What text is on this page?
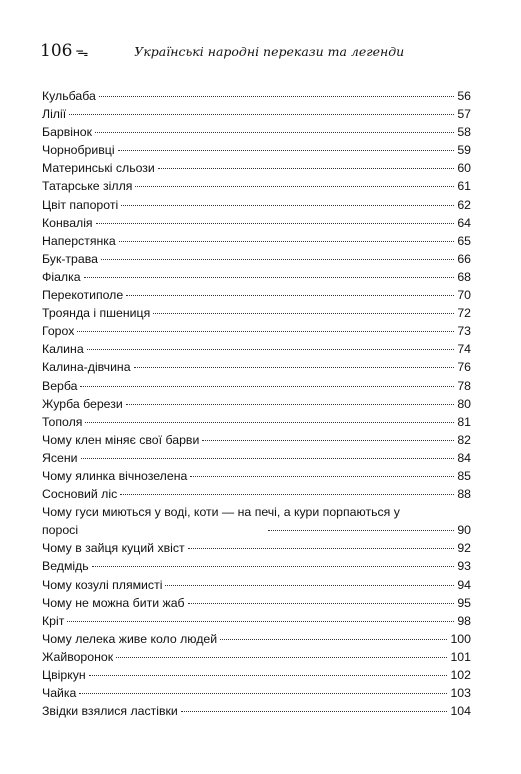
106 ᯓ	Українські народні перекази та легенди
Кульбаба	56
Лілії	57
Барвінок	58
Чорнобривці	59
Материнські сльози	60
Татарське зілля	61
Цвіт папороті	62
Конвалія	64
Наперстянка	65
Бук-трава	66
Фіалка	68
Перекотиполе	70
Троянда і пшениця	72
Горох	73
Калина	74
Калина-дівчина	76
Верба	78
Журба берези	80
Тополя	81
Чому клен міняє свої барви	82
Ясени	84
Чому ялинка вічнозелена	85
Сосновий ліс	88
Чому гуси миються у воді, коти — на печі, а кури порпаються у
поросі	90
Чому в зайця куций хвіст	92
Ведмідь	93
Чому козулі плямисті	94
Чому не можна бити жаб	95
Кріт	98
Чому лелека живе коло людей	100
Жайворонок	101
Цвіркун	102
Чайка	103
Звідки взялися ластівки	104
